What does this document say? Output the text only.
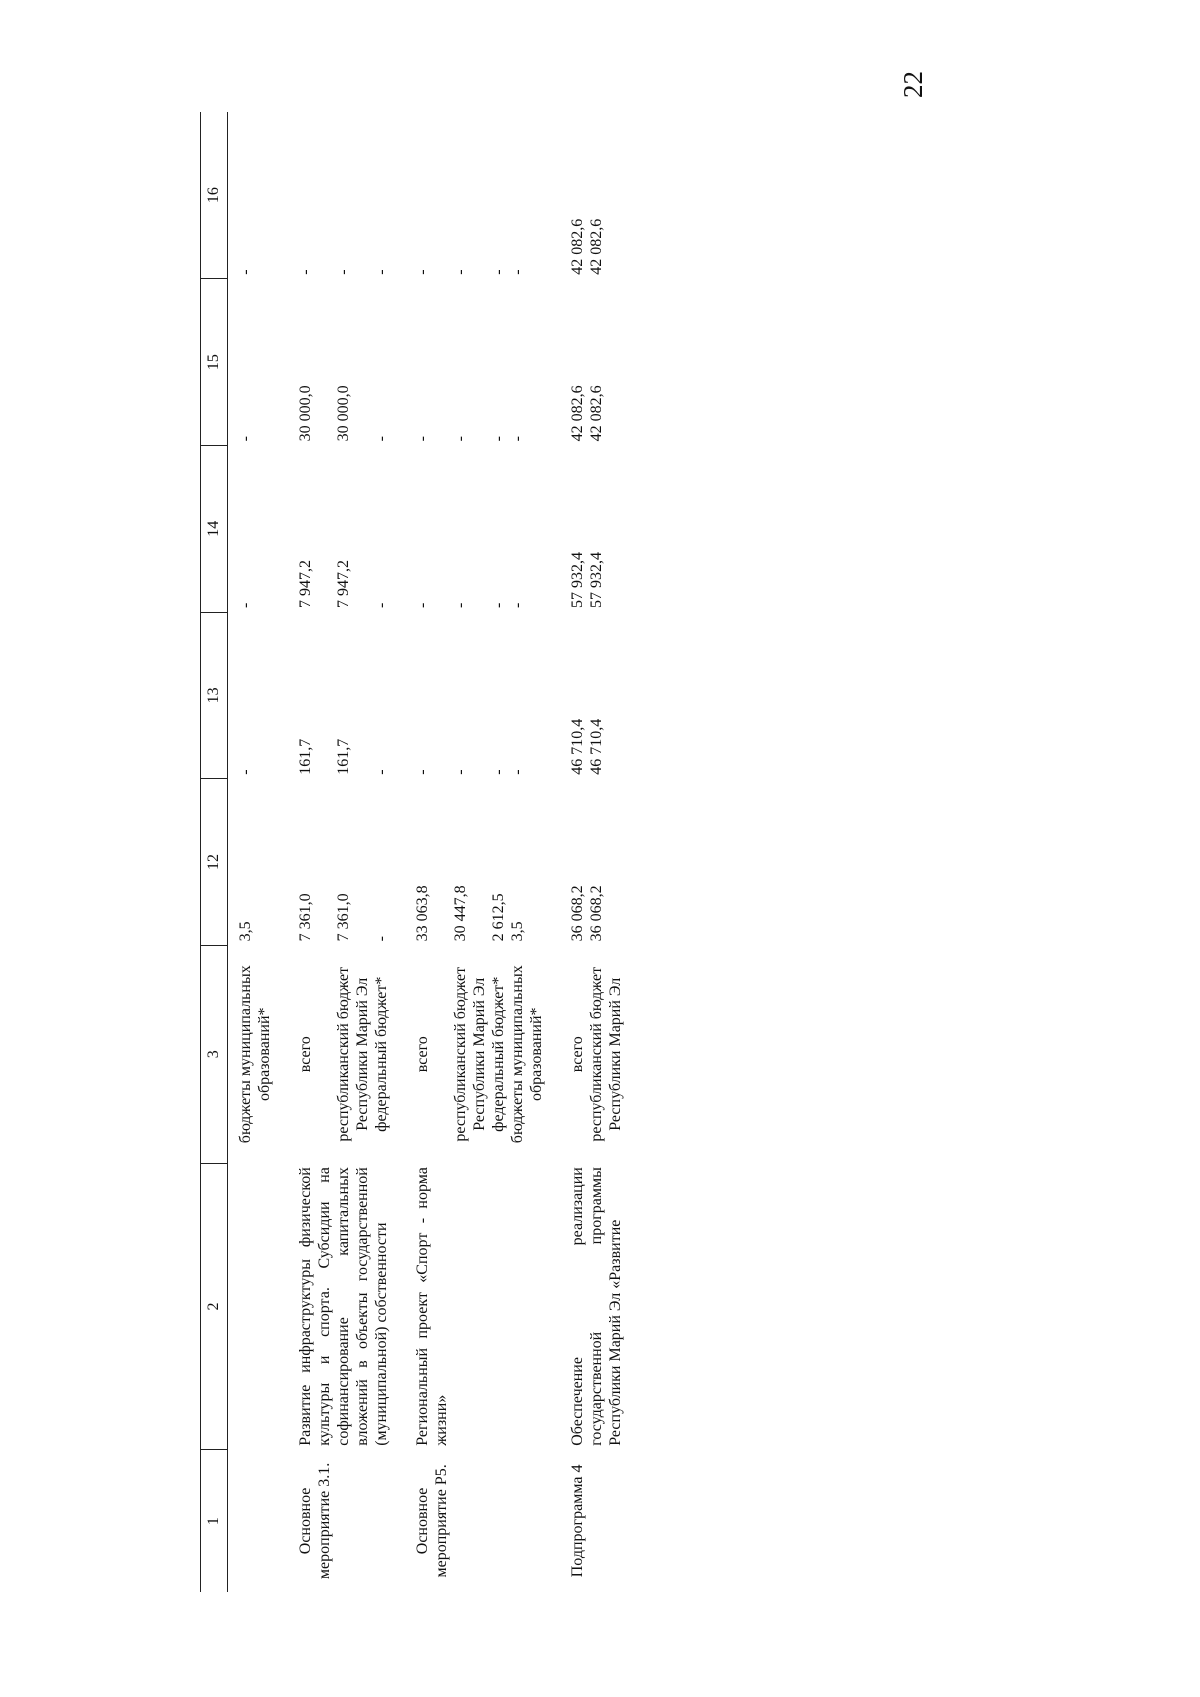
22
1	2	3	12	13	14	15	16

		бюджеты муниципальных образований*	3,5	-	-	-	-
Основное мероприятие 3.1.	Развитие инфраструктуры физической культуры и спорта. Субсидии на софинансирование капитальных вложений в объекты государственной (муниципальной) собственности	всего	7 361,0	161,7	7 947,2	30 000,0	-
		республиканский бюджет Республики Марий Эл	7 361,0	161,7	7 947,2	30 000,0	-
		федеральный бюджет*	-	-	-	-	-
Основное мероприятие Р5.	Региональный проект «Спорт - норма жизни»	всего	33 063,8	-	-	-	-
		республиканский бюджет Республики Марий Эл	30 447,8	-	-	-	-
		федеральный бюджет*	2 612,5	-	-	-	-
		бюджеты муниципальных образований*	3,5	-	-	-	-
Подпрограмма 4	Обеспечение реализации государственной программы Республики Марий Эл «Развитие	всего	36 068,2	46 710,4	57 932,4	42 082,6	42 082,6
		республиканский бюджет Республики Марий Эл	36 068,2	46 710,4	57 932,4	42 082,6	42 082,6
